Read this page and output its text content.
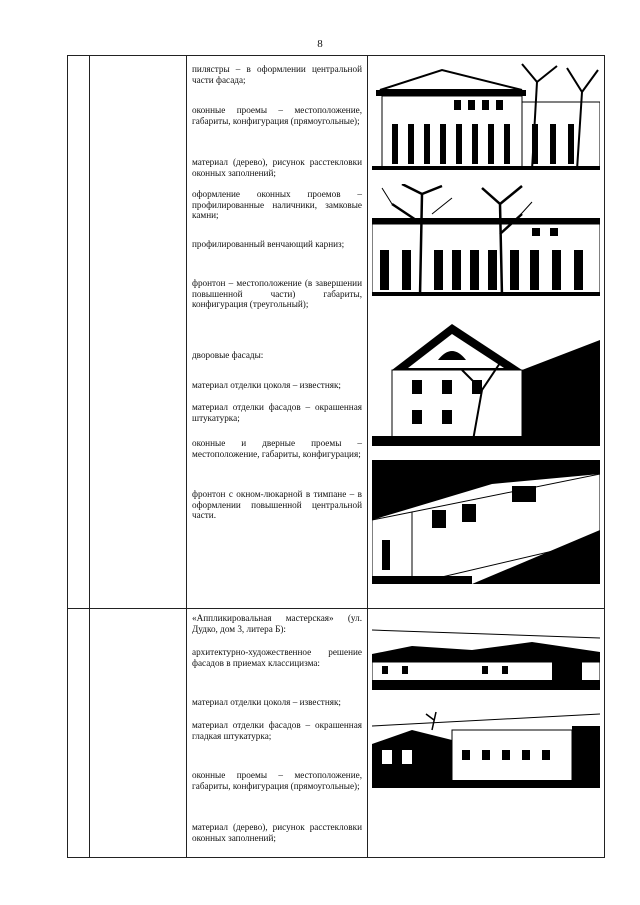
8
пилястры – в оформлении центральной части фасада;
оконные проемы – местоположение, габариты, конфигурация (прямоугольные);
материал (дерево), рисунок расстекловки оконных заполнений;
оформление оконных проемов – профилированные наличники, замковые камни;
профилированный венчающий карниз;
фронтон – местоположение (в завершении повышенной части) габариты, конфигурация (треугольный);
дворовые фасады:
материал отделки цоколя – известняк;
материал отделки фасадов – окрашенная штукатурка;
оконные и дверные проемы – местоположение, габариты, конфигурация;
фронтон с окном-люкарной в тимпане – в оформлении повышенной центральной части.
«Аппликировальная мастерская» (ул. Дудко, дом 3, литера Б):
архитектурно-художественное решение фасадов в приемах классицизма:
материал отделки цоколя – известняк;
материал отделки фасадов – окрашенная гладкая штукатурка;
оконные проемы – местоположение, габариты, конфигурация (прямоугольные);
материал (дерево), рисунок расстекловки оконных заполнений;
